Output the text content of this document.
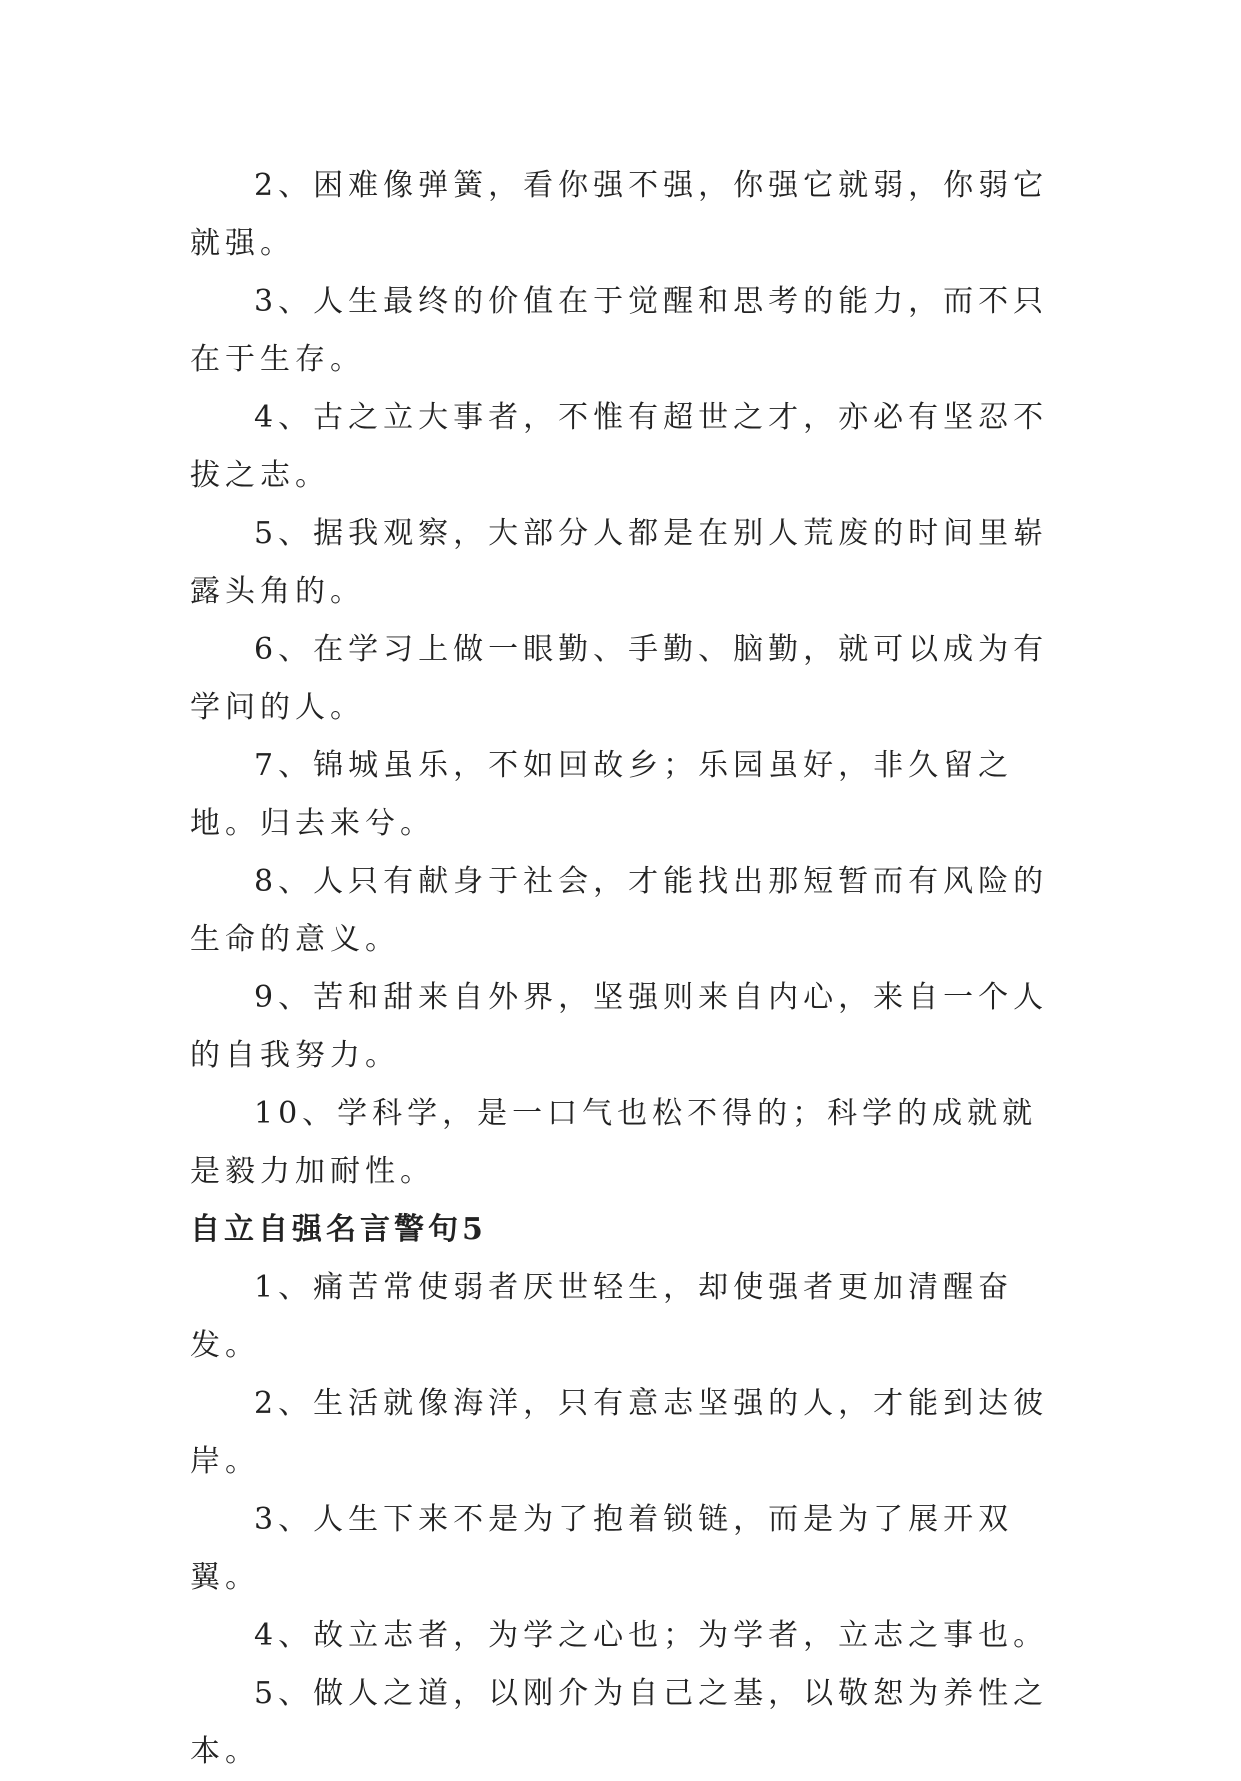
2、困难像弹簧，看你强不强，你强它就弱，你弱它就强。

3、人生最终的价值在于觉醒和思考的能力，而不只在于生存。

4、古之立大事者，不惟有超世之才，亦必有坚忍不拔之志。

5、据我观察，大部分人都是在别人荒废的时间里崭露头角的。

6、在学习上做一眼勤、手勤、脑勤，就可以成为有学问的人。

7、锦城虽乐，不如回故乡；乐园虽好，非久留之地。归去来兮。

8、人只有献身于社会，才能找出那短暂而有风险的生命的意义。

9、苦和甜来自外界，坚强则来自内心，来自一个人的自我努力。

10、学科学，是一口气也松不得的；科学的成就就是毅力加耐性。

自立自强名言警句5

1、痛苦常使弱者厌世轻生，却使强者更加清醒奋发。

2、生活就像海洋，只有意志坚强的人，才能到达彼岸。

3、人生下来不是为了抱着锁链，而是为了展开双翼。

4、故立志者，为学之心也；为学者，立志之事也。

5、做人之道，以刚介为自己之基，以敬恕为养性之本。
